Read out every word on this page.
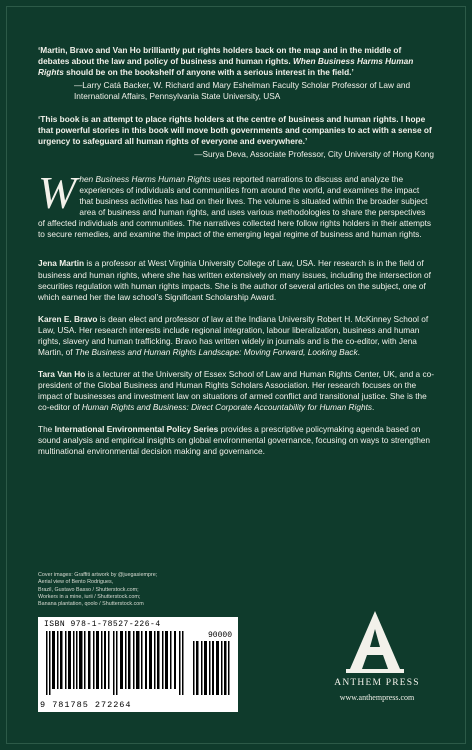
‘Martin, Bravo and Van Ho brilliantly put rights holders back on the map and in the middle of debates about the law and policy of business and human rights. When Business Harms Human Rights should be on the bookshelf of anyone with a serious interest in the field.’

—Larry Catá Backer, W. Richard and Mary Eshelman Faculty Scholar Professor of Law and International Affairs, Pennsylvania State University, USA

‘This book is an attempt to place rights holders at the centre of business and human rights. I hope that powerful stories in this book will move both governments and companies to act with a sense of urgency to safeguard all human rights of everyone and everywhere.’

—Surya Deva, Associate Professor, City University of Hong Kong

W hen Business Harms Human Rights uses reported narrations to discuss and analyze the experiences of individuals and communities from around the world, and examines the impact that business activities has had on their lives. The volume is situated within the broader subject area of business and human rights, and uses various methodologies to share the perspectives of affected individuals and communities. The narratives collected here follow rights holders in their attempts to secure remedies, and examine the impact of the emerging legal regime of business and human rights.

Jena Martin is a professor at West Virginia University College of Law, USA. Her research is in the field of business and human rights, where she has written extensively on many issues, including the intersection of securities regulation with human rights impacts. She is the author of several articles on the subject, one of which earned her the law school’s Significant Scholarship Award.

Karen E. Bravo is dean elect and professor of law at the Indiana University Robert H. McKinney School of Law, USA. Her research interests include regional integration, labour liberalization, business and human rights, slavery and human trafficking. Bravo has written widely in journals and is the co-editor, with Jena Martin, of The Business and Human Rights Landscape: Moving Forward, Looking Back.

Tara Van Ho is a lecturer at the University of Essex School of Law and Human Rights Center, UK, and a co-president of the Global Business and Human Rights Scholars Association. Her research focuses on the impact of businesses and investment law on situations of armed conflict and transitional justice. She is the co-editor of Human Rights and Business: Direct Corporate Accountability for Human Rights.

The International Environmental Policy Series provides a prescriptive policymaking agenda based on sound analysis and empirical insights on global environmental governance, focusing on ways to strengthen multinational environmental decision making and governance.

Cover images: Graffiti artwork by @juegasiempre;
Aerial view of Bento Rodrigues,
Brazil, Gustavo Basso / Shutterstock.com;
Workers in a mine, iurii / Shutterstock.com;
Banana plantation, qoolo / Shutterstock.com
ISBN 978-1-78527-226-4
90000
9 781785 272264
ANTHEM PRESS
www.anthempress.com
